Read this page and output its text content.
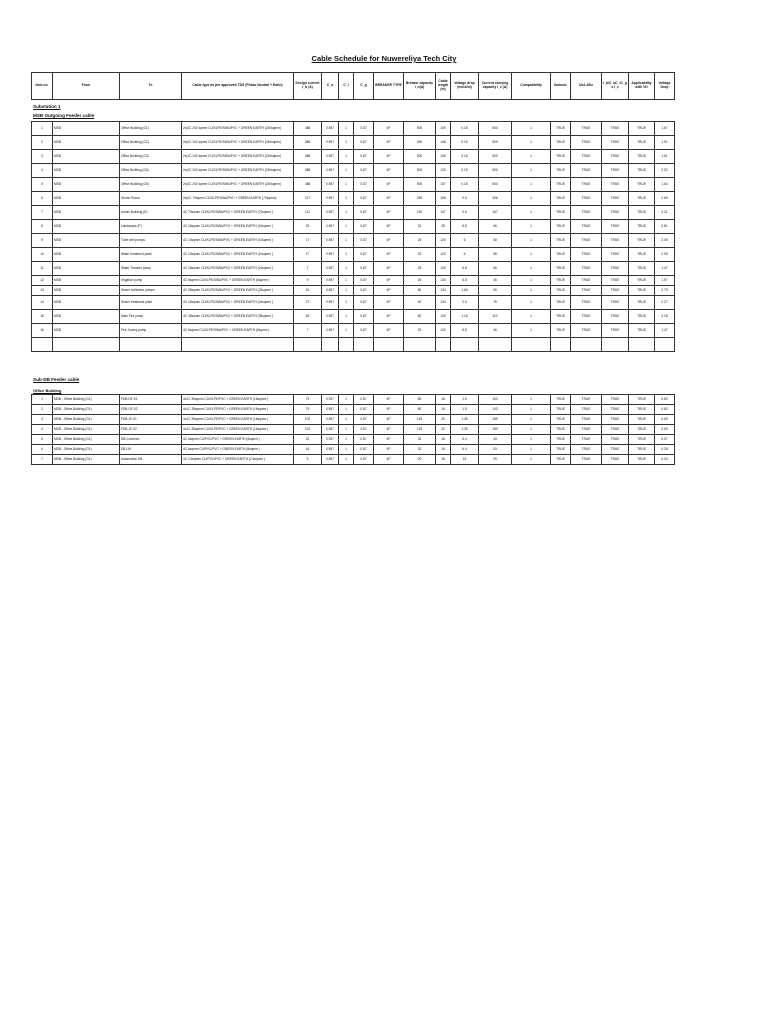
Cable Schedule for Nuwereliya Tech City
Item no.	From	To	Cable type as per approved TDS (Phase Neutral + Earth)	Design current I_b (A)	C_a	C_i	C_g	BREAKER TYPE	Breaker capacity I_n(A)	Cable length (m)	Voltage drop (mv/A/m)	Current carrying capacity I_z (A)	Compatibility	Ib≤In≤Iz	I2≤1.45Iz	I_b/C_aC_iC_g ≤ I_z	Applicability with VD	Voltage Drop
Substation 1
MSB Outgoing Feeder cable
1	MSB	Office Building (G1)	2x(4C 240 sqmm CU/XLPE/SWA/PVC + GREEN EARTH (240sqmm)	488	0.957	1	0.87	4P	500	109	0.15	600	1	TRUE	TRUE	TRUE	TRUE	1.67
2	MSB	Office Building (G2)	2x(4C 240 sqmm CU/XLPE/SWA/PVC + GREEN EARTH (240sqmm)	386	0.957	1	0.87	4P	400	148	0.15	600	1	TRUE	TRUE	TRUE	TRUE	1.91
3	MSB	Office Building (G3)	2x(4C 240 sqmm CU/XLPE/SWA/PVC + GREEN EARTH (240sqmm)	488	0.957	1	0.87	4P	500	105	0.15	600	1	TRUE	TRUE	TRUE	TRUE	1.61
4	MSB	Office Building (G4)	2x(4C 240 sqmm CU/XLPE/SWA/PVC + GREEN EARTH (240sqmm)	488	0.957	1	0.87	4P	500	132	0.15	600	1	TRUE	TRUE	TRUE	TRUE	2.02
5	MSB	Office Building (G5)	2x(4C 240 sqmm CU/XLPE/SWA/PVC + GREEN EARTH (240sqmm)	488	0.957	1	0.87	4P	500	107	0.15	600	1	TRUE	TRUE	TRUE	TRUE	1.64
6	MSB	Server Room	2x(4C 70sqmm CU/XLPE/SWA/PVC + GREEN EARTH (70sqmm)	217	0.957	1	0.87	4P	250	165	0.5	306	1	TRUE	TRUE	TRUE	TRUE	2.69
7	MSB	Admin Building (E)	4C 70sqmm CU/XLPE/SWA/PVC + GREEN EARTH (70sqmm )	112	0.957	1	0.87	4P	120	147	0.6	167	1	TRUE	TRUE	TRUE	TRUE	2.21
8	MSB	Landscape (F)	4C 16sqmm CU/XLPE/SWA/PVC + GREEN EARTH (16sqmm )	25	0.957	1	0.87	4P	32	28	6.8	66	1	TRUE	TRUE	TRUE	TRUE	0.81
9	MSB	Tube well pumps	4C 10sqmm CU/XLPE/SWA/PVC + GREEN EARTH (10sqmm )	17	0.957	1	0.87	4P	25	120	6	58	1	TRUE	TRUE	TRUE	TRUE	2.08
10	MSB	Water treatment plant	4C 10sqmm CU/XLPE/SWA/PVC + GREEN EARTH (10sqmm )	17	0.957	1	0.87	4P	32	120	6	58	1	TRUE	TRUE	TRUE	TRUE	2.08
11	MSB	Water Transfer pump	4C 16sqmm CU/XLPE/SWA/PVC + GREEN EARTH (16sqmm )	7	0.957	1	0.87	4P	25	120	6.8	66	1	TRUE	TRUE	TRUE	TRUE	1.47
12	MSB	Irrigation pump	4C 6sqmm CU/XLPE/SWA/PVC + GREEN EARTH (6sqmm )	9	0.957	1	0.87	4P	25	134	6.8	46	1	TRUE	TRUE	TRUE	TRUE	1.97
13	MSB	Sewer collection pumps	4C 25sqmm CU/XLPE/SWA/PVC + GREEN EARTH (25sqmm )	51	0.957	1	0.87	4P	80	134	1.65	96	1	TRUE	TRUE	TRUE	TRUE	2.79
14	MSB	Sewer treatment plant	4C 16sqmm CU/XLPE/SWA/PVC + GREEN EARTH (16sqmm )	27	0.957	1	0.87	4P	40	134	2.5	75	1	TRUE	TRUE	TRUE	TRUE	2.27
15	MSB	Main Fire pump	4C 35sqmm CU/XLPE/SWA/PVC + GREEN EARTH (35sqmm )	63	0.957	1	0.87	4P	80	120	1.15	110	1	TRUE	TRUE	TRUE	TRUE	2.18
16	MSB	Fire Jockey pump	4C 6sqmm CU/XLPE/SWA/PVC + GREEN EARTH (6sqmm )	7	0.957	1	0.87	4P	25	120	6.8	46	1	TRUE	TRUE	TRUE	TRUE	1.47

Sub-DB Feeder cable
Office Building
1	MDB - Office Building (G1)	FDB-GF-01	4x1C 35sqmm CU/XLPE/PVC + GREEN EARTH (16sqmm )	79	0.957	1	0.87	4P	80	18	1.5	103	1	TRUE	TRUE	TRUE	TRUE	0.83
2	MDB - Office Building (G1)	FDB-GF-02	4x1C 35sqmm CU/XLPE/PVC + GREEN EARTH (16sqmm )	79	0.957	1	0.87	4P	80	18	1.5	103	1	TRUE	TRUE	TRUE	TRUE	0.83
3	MDB - Office Building (G1)	FDB-1F-01	4x1C 35sqmm CU/XLPE/PVC + GREEN EARTH (16sqmm )	102	0.957	1	0.87	4P	125	20	1.35	189	1	TRUE	TRUE	TRUE	TRUE	0.69
4	MDB - Office Building (G1)	FDB-1F-02	4x1C 35sqmm CU/XLPE/PVC + GREEN EARTH (16sqmm )	102	0.957	1	0.87	4P	125	20	1.35	189	1	TRUE	TRUE	TRUE	TRUE	0.69
5	MDB - Office Building (G1)	DB-Common	4C 6sqmm CU/PVC/PVC + GREEN EARTH (6sqmm )	23	0.957	1	0.87	4P	32	18	6.4	43	1	TRUE	TRUE	TRUE	TRUE	0.37
6	MDB - Office Building (G1)	DB-Lift	4C 6sqmm CU/PVC/PVC + GREEN EARTH (6sqmm )	16	0.957	1	0.87	4P	32	18	6.4	43	1	TRUE	TRUE	TRUE	TRUE	0.26
7	MDB - Office Building (G1)	Automation DB	4C 2.5sqmm CU/PVC/PVC + GREEN EARTH (2.5sqmm )	9	0.957	1	0.87	4P	20	18	15	25	1	TRUE	TRUE	TRUE	TRUE	0.33
